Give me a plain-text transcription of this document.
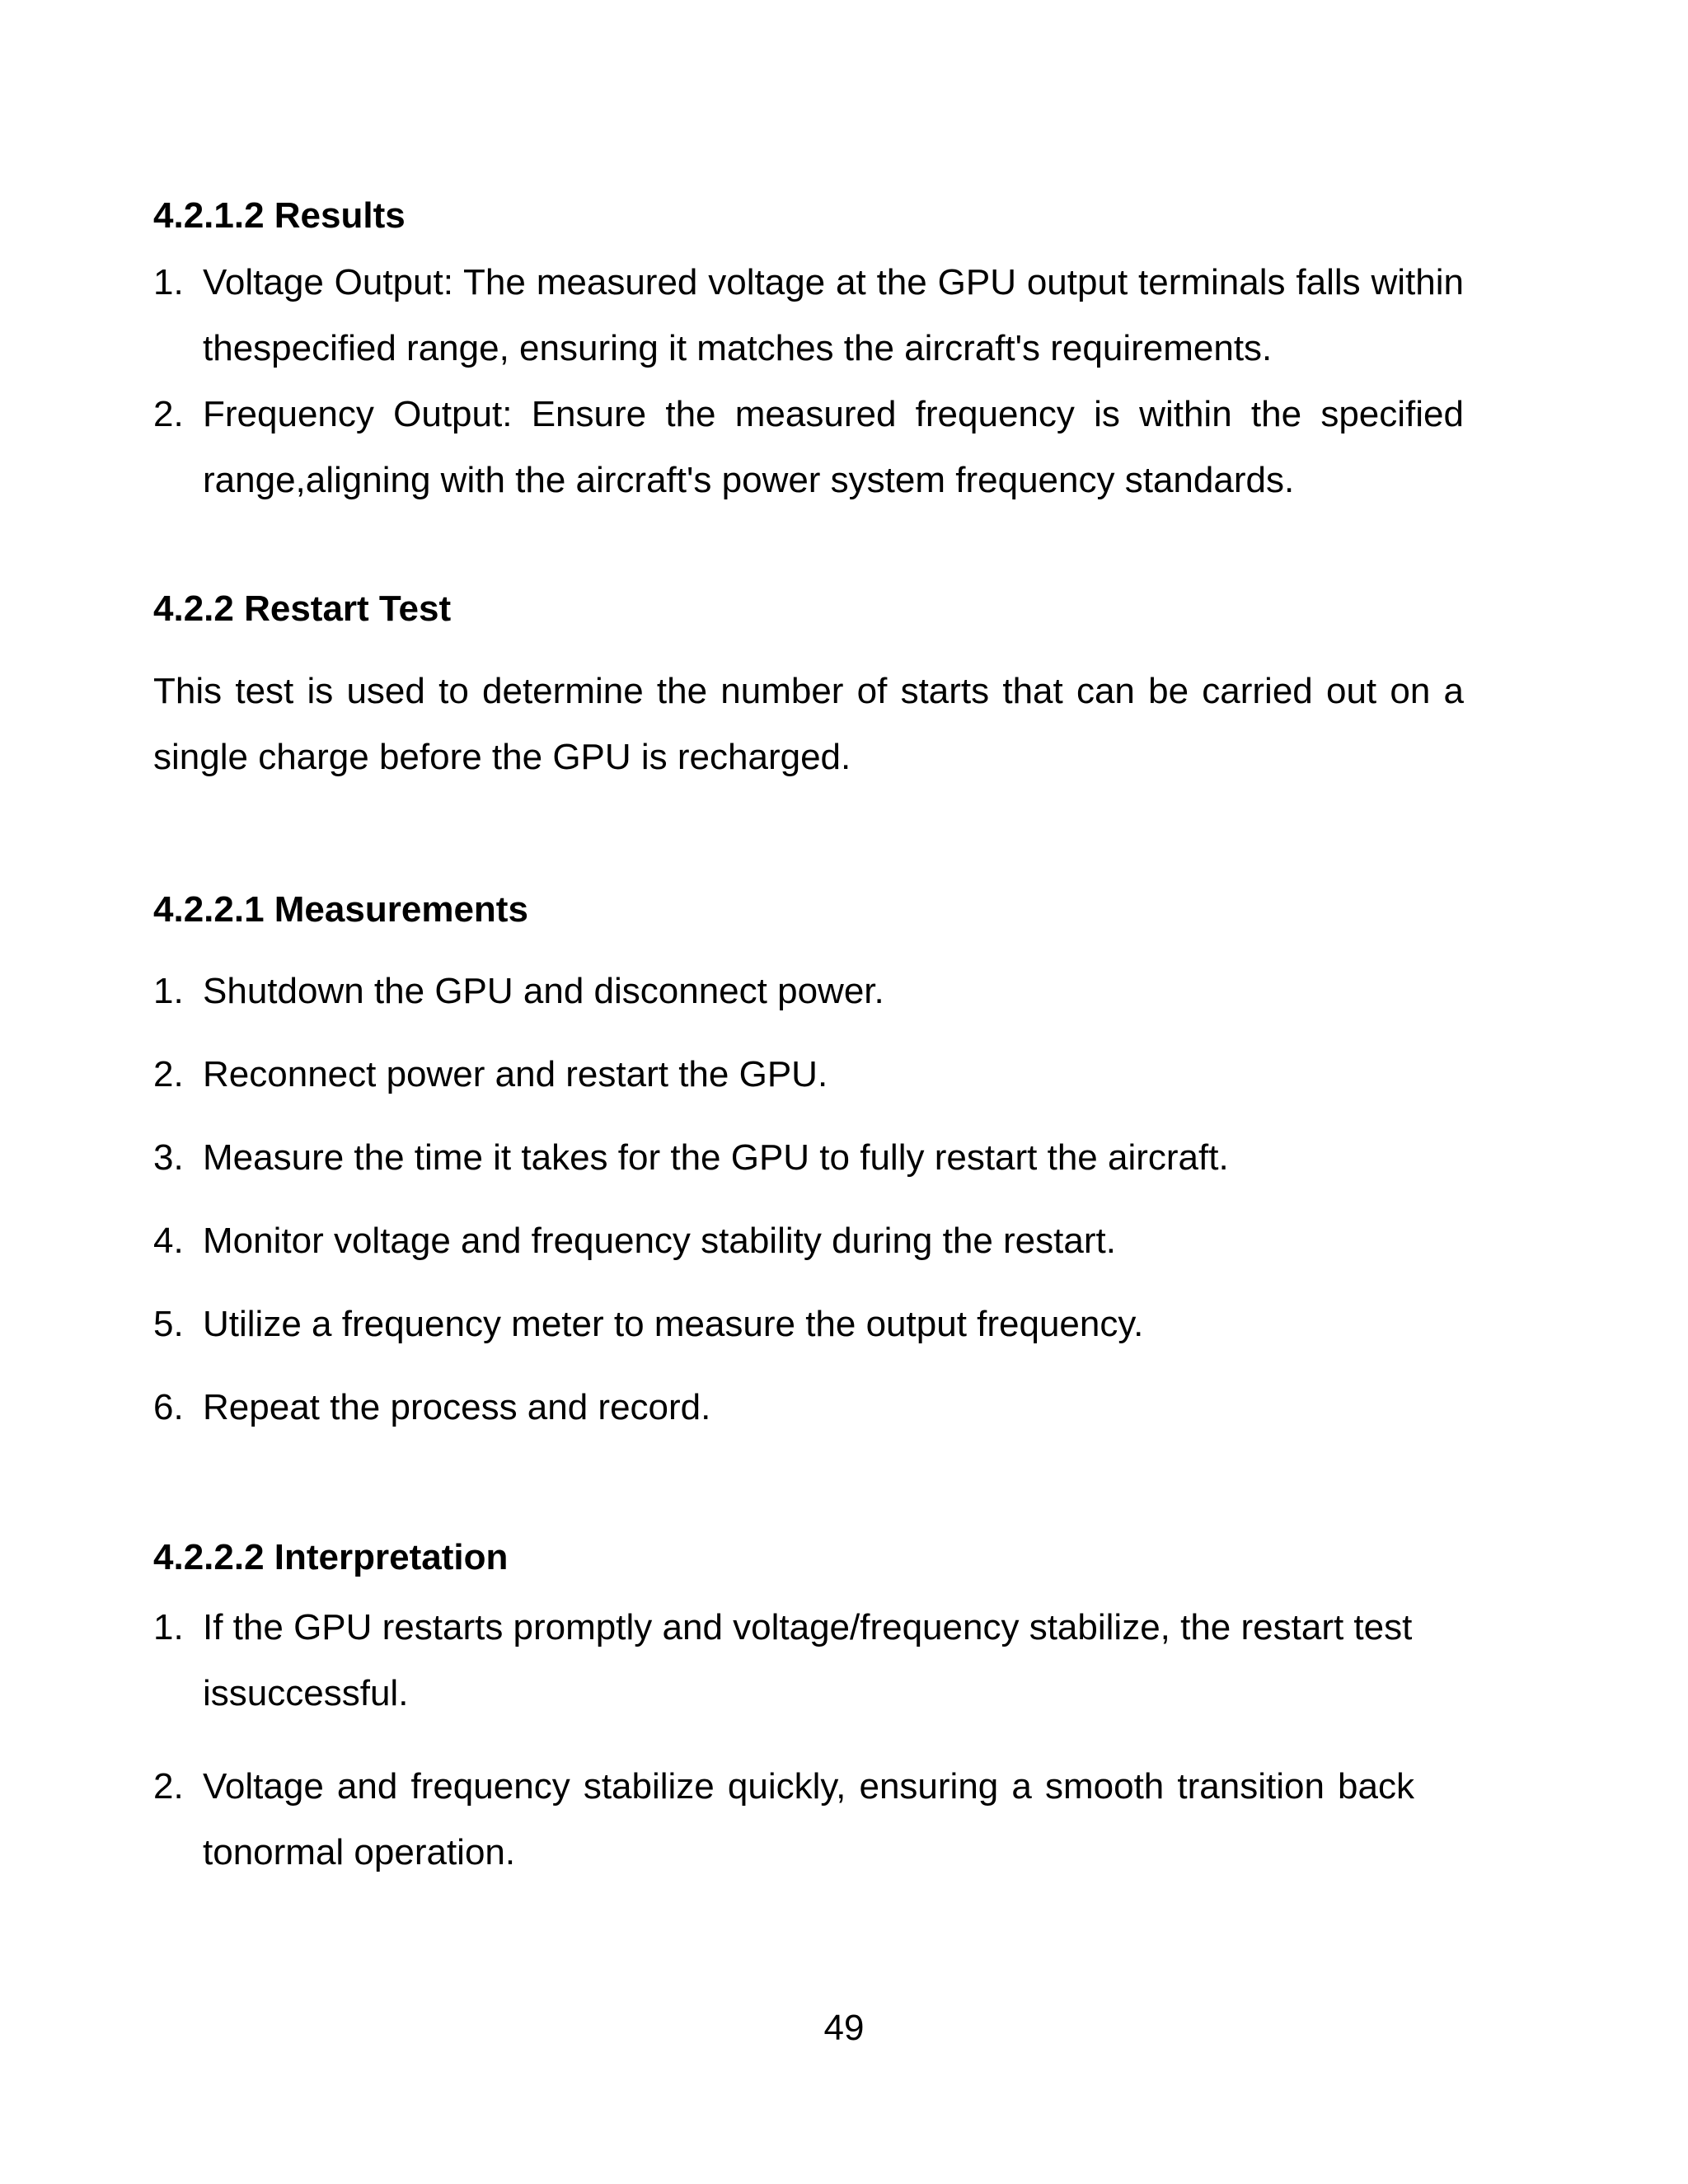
4.2.1.2 Results
1. Voltage Output: The measured voltage at the GPU output terminals falls within thespecified range, ensuring it matches the aircraft's requirements.
2. Frequency Output: Ensure the measured frequency is within the specified range,aligning with the aircraft's power system frequency standards.
4.2.2 Restart Test
This test is used to determine the number of starts that can be carried out on a single charge before the GPU is recharged.
4.2.2.1 Measurements
1. Shutdown the GPU and disconnect power.
2. Reconnect power and restart the GPU.
3. Measure the time it takes for the GPU to fully restart the aircraft.
4. Monitor voltage and frequency stability during the restart.
5. Utilize a frequency meter to measure the output frequency.
6. Repeat the process and record.
4.2.2.2 Interpretation
1. If the GPU restarts promptly and voltage/frequency stabilize, the restart test issuccessful.
2. Voltage and frequency stabilize quickly, ensuring a smooth transition back tonormal operation.
49
